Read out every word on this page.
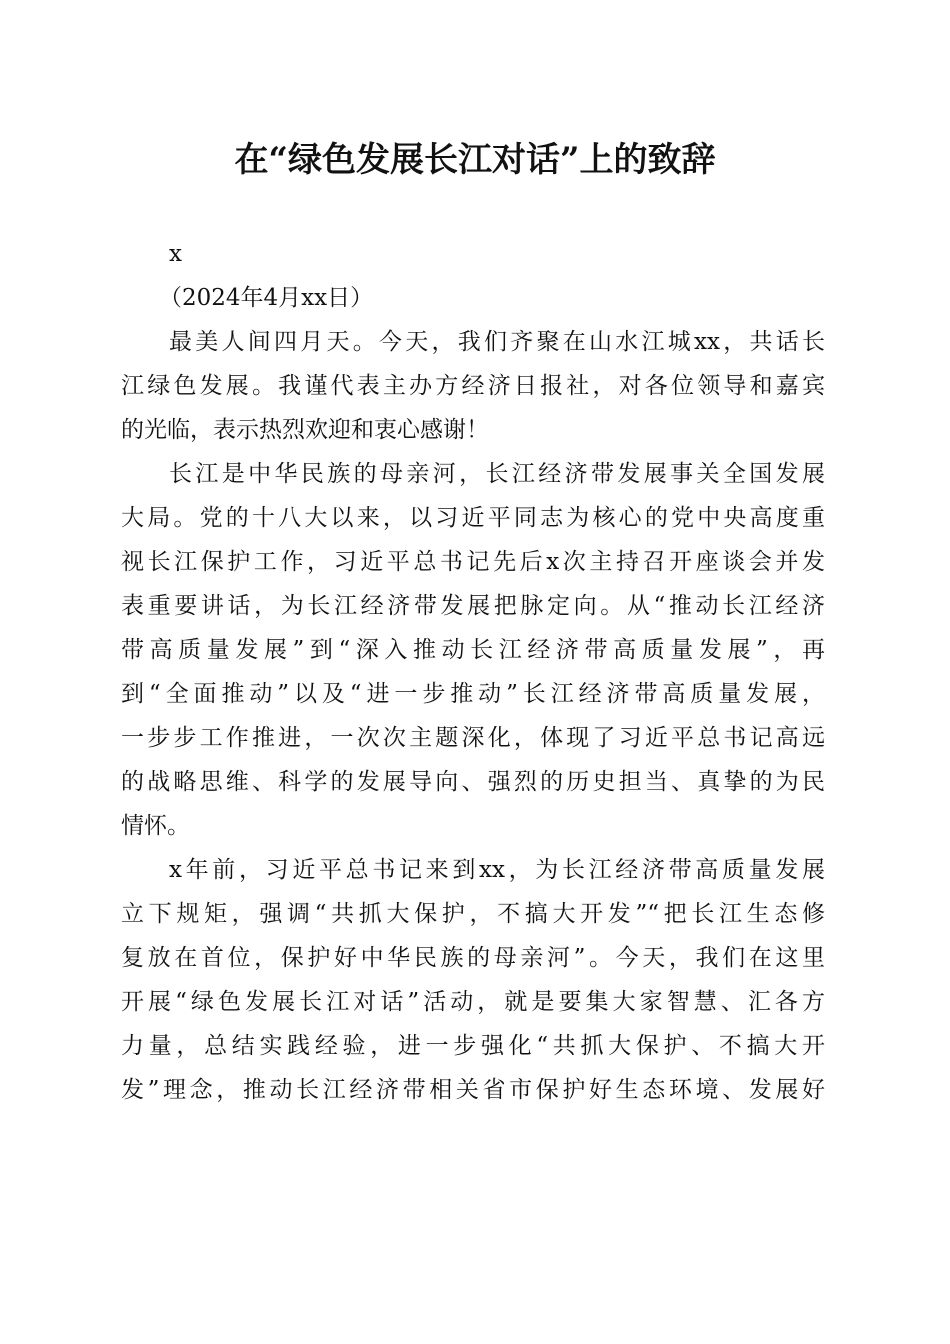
在“绿色发展长江对话”上的致辞
x
（2024年4月xx日）
最美人间四月天。今天，我们齐聚在山水江城xx，共话长
江绿色发展。我谨代表主办方经济日报社，对各位领导和嘉宾
的光临，表示热烈欢迎和衷心感谢！
长江是中华民族的母亲河，长江经济带发展事关全国发展
大局。党的十八大以来，以习近平同志为核心的党中央高度重
视长江保护工作，习近平总书记先后x次主持召开座谈会并发
表重要讲话，为长江经济带发展把脉定向。从“推动长江经济
带高质量发展”到“深入推动长江经济带高质量发展”，再
到“全面推动”以及“进一步推动”长江经济带高质量发展，
一步步工作推进，一次次主题深化，体现了习近平总书记高远
的战略思维、科学的发展导向、强烈的历史担当、真挚的为民
情怀。
x年前，习近平总书记来到xx，为长江经济带高质量发展
立下规矩，强调“共抓大保护，不搞大开发”“把长江生态修
复放在首位，保护好中华民族的母亲河”。今天，我们在这里
开展“绿色发展长江对话”活动，就是要集大家智慧、汇各方
力量，总结实践经验，进一步强化“共抓大保护、不搞大开
发”理念，推动长江经济带相关省市保护好生态环境、发展好
